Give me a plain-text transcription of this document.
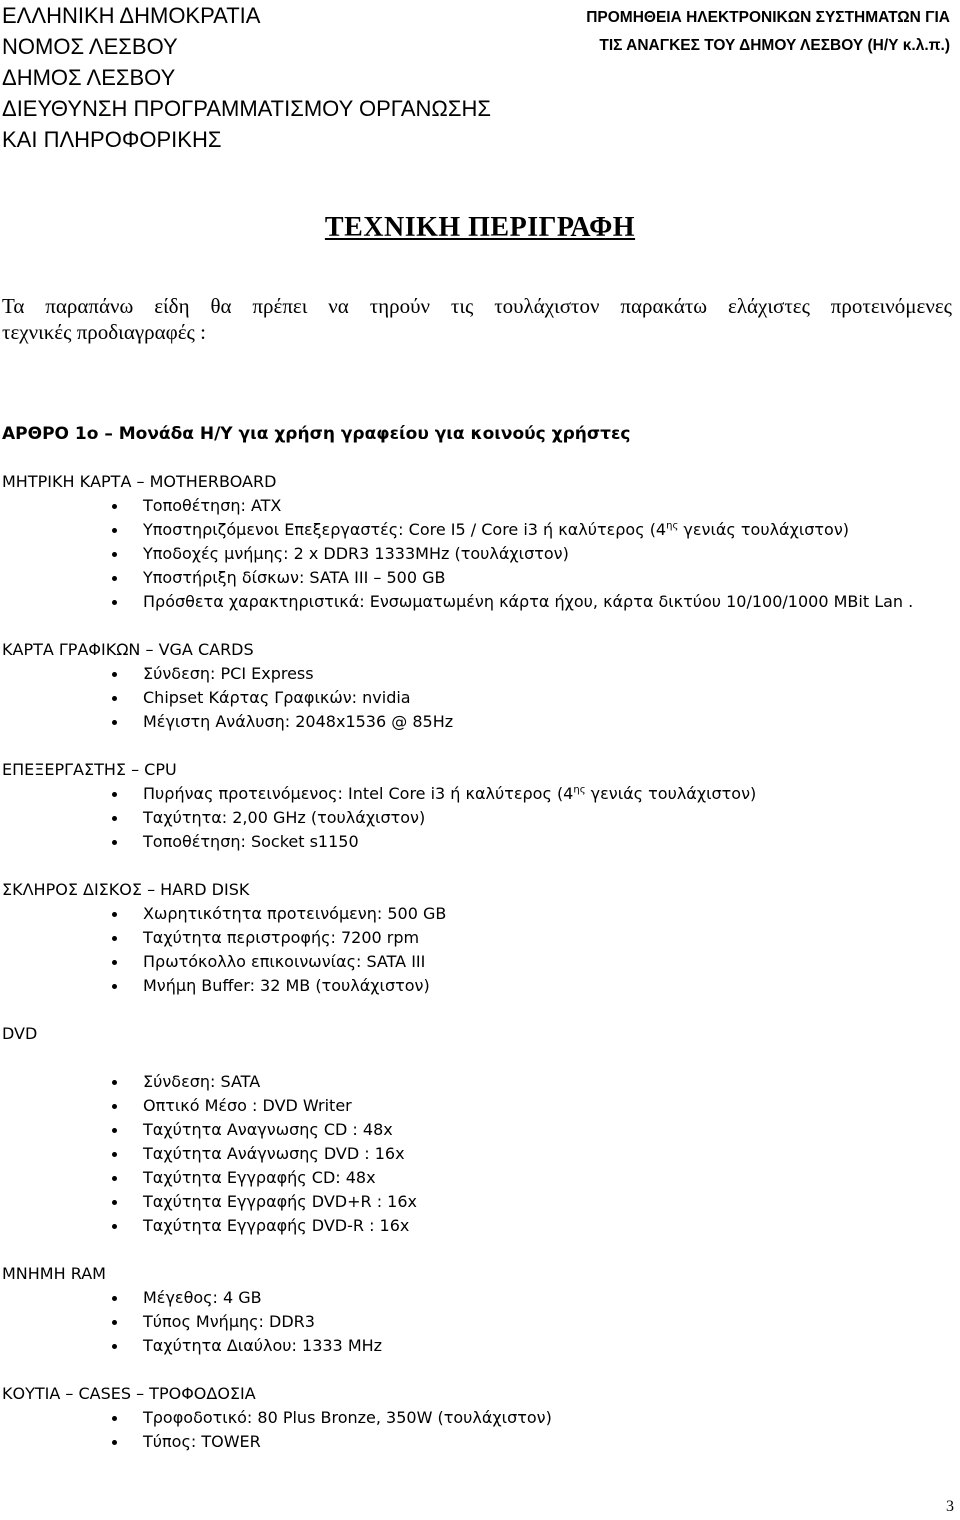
ΕΛΛΗΝΙΚΗ ΔΗΜΟΚΡΑΤΙΑ
ΝΟΜΟΣ ΛΕΣΒΟΥ
ΔΗΜΟΣ ΛΕΣΒΟΥ
ΔΙΕΥΘΥΝΣΗ ΠΡΟΓΡΑΜΜΑΤΙΣΜΟΥ ΟΡΓΑΝΩΣΗΣ
ΚΑΙ ΠΛΗΡΟΦΟΡΙΚΗΣ
ΠΡΟΜΗΘΕΙΑ ΗΛΕΚΤΡΟΝΙΚΩΝ ΣΥΣΤΗΜΑΤΩΝ ΓΙΑ
ΤΙΣ ΑΝΑΓΚΕΣ ΤΟΥ ΔΗΜΟΥ ΛΕΣΒΟΥ (Η/Υ κ.λ.π.)
ΤΕΧΝΙΚΗ ΠΕΡΙΓΡΑΦΗ
Τα παραπάνω είδη θα πρέπει να τηρούν τις τουλάχιστον παρακάτω ελάχιστες προτεινόμενες
τεχνικές προδιαγραφές :
ΑΡΘΡΟ 1ο – Μονάδα Η/Υ για χρήση γραφείου για κοινούς χρήστες
ΜΗΤΡΙΚΗ ΚΑΡΤΑ – MOTHERBOARD
Τοποθέτηση: ATX
Υποστηριζόμενοι Επεξεργαστές: Core I5 / Core i3 ή καλύτερος ($4^{\eta\varsigma}$ γενιάς τουλάχιστον)
Υποδοχές μνήμης: 2 x DDR3 1333MHz (τουλάχιστον)
Υποστήριξη δίσκων: SATA III – 500 GB
Πρόσθετα χαρακτηριστικά: Ενσωματωμένη κάρτα ήχου, κάρτα δικτύου 10/100/1000 MBit Lan .
ΚΑΡΤΑ ΓΡΑΦΙΚΩΝ – VGA CARDS
Σύνδεση: PCI Express
Chipset Κάρτας Γραφικών: nvidia
Μέγιστη Ανάλυση: 2048x1536 @ 85Hz
ΕΠΕΞΕΡΓΑΣΤΗΣ – CPU
Πυρήνας προτεινόμενος: Intel Core i3 ή καλύτερος ($4^{\eta\varsigma}$ γενιάς τουλάχιστον)
Ταχύτητα: 2,00 GHz (τουλάχιστον)
Τοποθέτηση: Socket s1150
ΣΚΛΗΡΟΣ ΔΙΣΚΟΣ – HARD DISK
Χωρητικότητα προτεινόμενη: 500 GB
Ταχύτητα περιστροφής: 7200 rpm
Πρωτόκολλο επικοινωνίας: SATA III
Μνήμη Buffer: 32 MB (τουλάχιστον)
DVD
Σύνδεση: SATA
Οπτικό Μέσο : DVD Writer
Ταχύτητα Αναγνωσης CD : 48x
Ταχύτητα Ανάγνωσης DVD : 16x
Ταχύτητα Εγγραφής CD: 48x
Ταχύτητα Εγγραφής DVD+R : 16x
Ταχύτητα Εγγραφής DVD-R : 16x
ΜΝΗΜΗ RAM
Μέγεθος: 4 GB
Τύπος Μνήμης: DDR3
Ταχύτητα Διαύλου: 1333 MHz
ΚΟΥΤΙΑ – CASES – ΤΡΟΦΟΔΟΣΙΑ
Τροφοδοτικό: 80 Plus Bronze, 350W (τουλάχιστον)
Τύπος: TOWER
3
